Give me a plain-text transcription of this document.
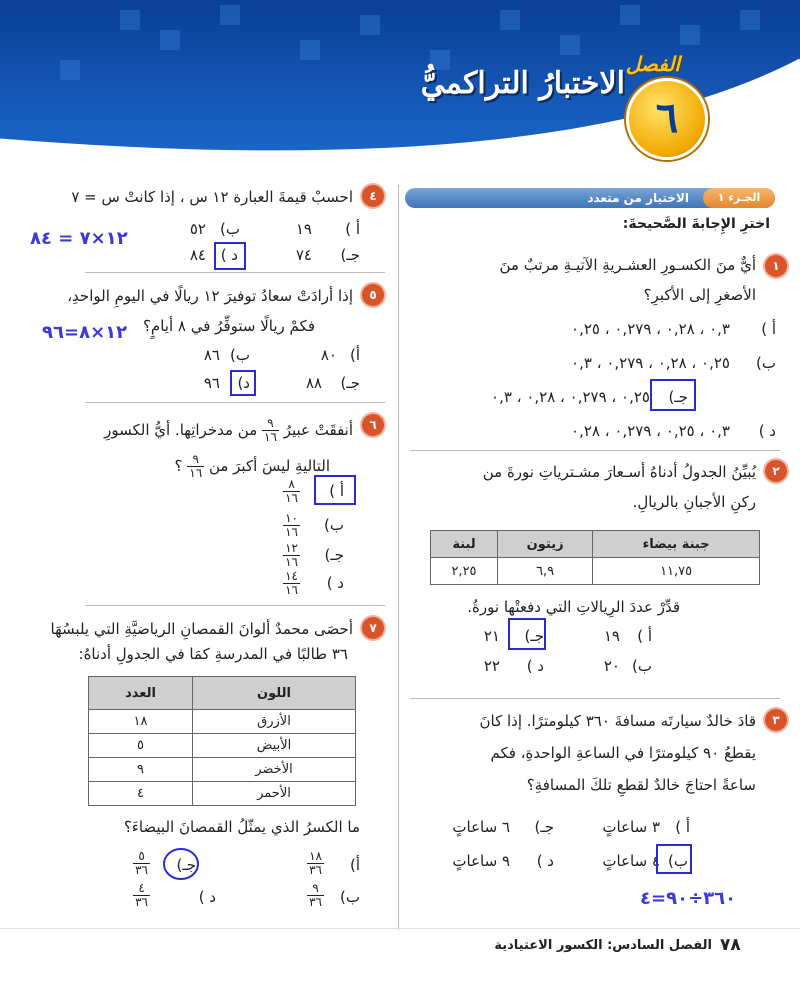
الفصل
٦
الاختبارُ التراكميُّ
الجـزء ١
الاختيار من متعدد
اخترِ الإِجابةَ الصَّحيحةَ:
١
أيٌّ منَ الكسـورِ العشـريةِ الآتيـةِ مرتبٌ منَ
الأصغرِ إلى الأكبرِ؟
أ )
٠,٣ ، ٠,٢٨ ، ٠,٢٧٩ ، ٠,٢٥
ب)
٠,٢٥ ، ٠,٢٨ ، ٠,٢٧٩ ، ٠,٣
جـ)
٠,٢٥ ، ٠,٢٧٩ ، ٠,٢٨ ، ٠,٣
د )
٠,٣ ، ٠,٢٥ ، ٠,٢٧٩ ، ٠,٢٨
٢
يُبيِّنُ الجدولُ أدناهُ أسـعارَ مشـترياتِ نورةَ من
ركنِ الأجبانِ بالريالِ.
جبنة بيضاء	زيتون	لبنة
١١,٧٥	٦,٩	٢,٢٥
قدِّرْ عددَ الرِيالاتِ التي دفعتْها نورةُ.
أ )
١٩
جـ)
٢١
ب)
٢٠
د )
٢٢
٣
قادَ خالدٌ سيارتَه مسافةَ ٣٦٠ كيلومترًا. إذا كانَ
يقطعُ ٩٠ كيلومترًا في الساعةِ الواحدةِ، فكم
ساعةً احتاجَ خالدٌ لقطعِ تلكَ المسافةِ؟
أ )
٣ ساعاتٍ
جـ)
٦ ساعاتٍ
ب)
٤ ساعاتٍ
د )
٩ ساعاتٍ
٣٦٠÷٩٠=٤
٤
احسبْ قيمةَ العبارة ١٢ س ، إذا كانتْ س = ٧
أ )
١٩
ب)
٥٢
جـ)
٧٤
د )
٨٤
١٢×٧ = ٨٤
٥
إذا أرادَتْ سعادُ توفيرَ ١٢ ريالًا في اليومِ الواحدِ،
فكمْ ريالًا ستوفِّرُ في ٨ أيامٍ؟
أ)
٨٠
ب)
٨٦
جـ)
٨٨
د)
٩٦
١٢×٨=٩٦
٦
أنفقَتْ عبيرُ
$\frac{٩}{١٦}$
من مدخراتِها. أيُّ الكسورِ
التاليةِ ليسَ أكبرَ من
$\frac{٩}{١٦}$
؟
أ )
$\frac{٨}{١٦}$
ب)
$\frac{١٠}{١٦}$
جـ)
$\frac{١٢}{١٦}$
د )
$\frac{١٤}{١٦}$
٧
أحصَى محمدٌ ألوانَ القمصانِ الرياضيَّةِ التي يلبسُهَا
٣٦ طالبًا في المدرسةِ كمَا في الجدولِ أدناهُ:
اللون	العدد
الأزرق	١٨
الأبيض	٥
الأخضر	٩
الأحمر	٤
ما الكسرُ الذي يمثّلُ القمصانَ البيضاءَ؟
أ)
$\frac{١٨}{٣٦}$
جـ)
$\frac{٥}{٣٦}$
ب)
$\frac{٩}{٣٦}$
د )
$\frac{٤}{٣٦}$
٧٨
الفصل السادس: الكسور الاعتيادية
